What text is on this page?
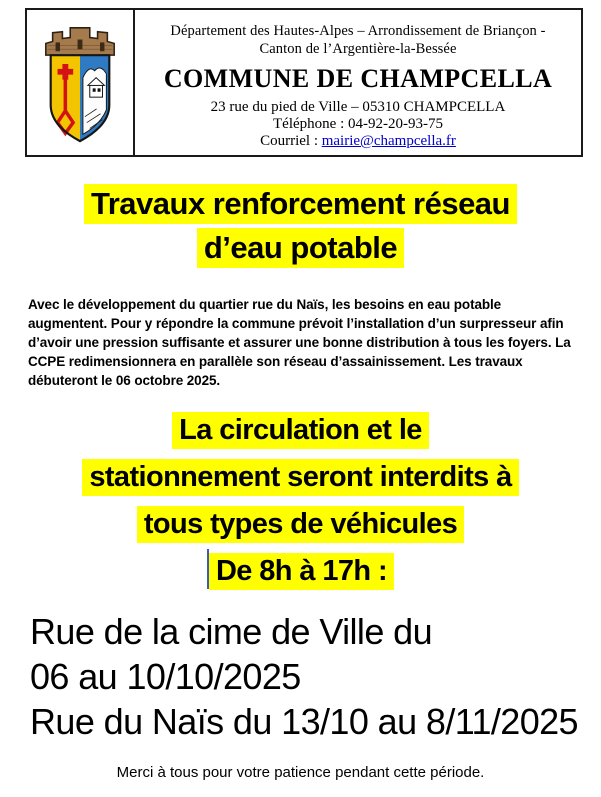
Département des Hautes-Alpes – Arrondissement de Briançon -
Canton de l’Argentière-la-Bessée
COMMUNE DE CHAMPCELLA
23 rue du pied de Ville – 05310 CHAMPCELLA
Téléphone : 04-92-20-93-75
Courriel : mairie@champcella.fr
Travaux renforcement réseau
d’eau potable
Avec le développement du quartier rue du Naïs, les besoins en eau potable augmentent. Pour y répondre la commune prévoit l’installation d’un surpresseur afin d’avoir une pression suffisante et assurer une bonne distribution à tous les foyers. La CCPE redimensionnera en parallèle son réseau d’assainissement. Les travaux débuteront le 06 octobre 2025.
La circulation et le
stationnement seront interdits à
tous types de véhicules
De 8h à 17h :
Rue de la cime de Ville du
06 au 10/10/2025
Rue du Naïs du 13/10 au 8/11/2025
Merci à tous pour votre patience pendant cette période.
